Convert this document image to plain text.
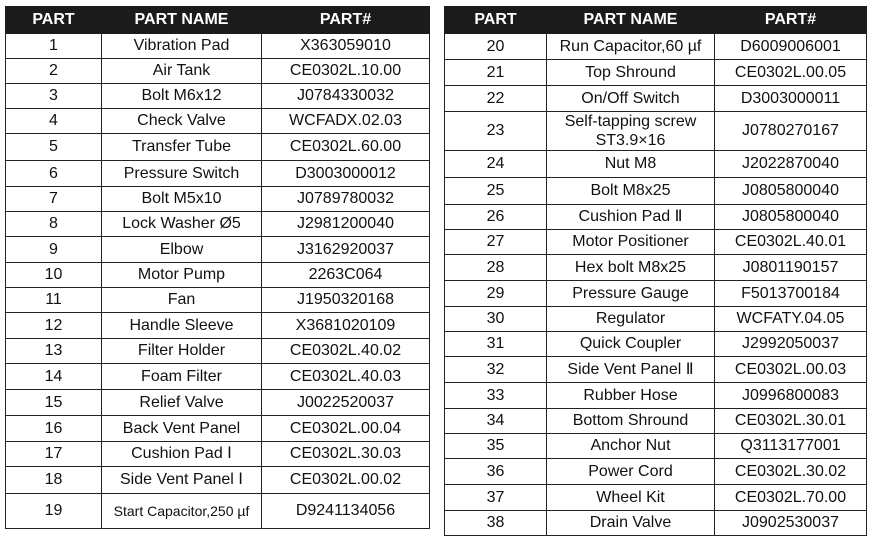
PART	PART NAME	PART#
1	Vibration Pad	X363059010
2	Air Tank	CE0302L.10.00
3	Bolt M6x12	J0784330032
4	Check Valve	WCFADX.02.03
5	Transfer Tube	CE0302L.60.00
6	Pressure Switch	D3003000012
7	Bolt M5x10	J0789780032
8	Lock Washer Ø5	J2981200040
9	Elbow	J3162920037
10	Motor Pump	2263C064
11	Fan	J1950320168
12	Handle Sleeve	X3681020109
13	Filter Holder	CE0302L.40.02
14	Foam Filter	CE0302L.40.03
15	Relief Valve	J0022520037
16	Back Vent Panel	CE0302L.00.04
17	Cushion Pad Ⅰ	CE0302L.30.03
18	Side Vent Panel Ⅰ	CE0302L.00.02
19	Start Capacitor,250 µf	D9241134056
PART	PART NAME	PART#
20	Run Capacitor,60 µf	D6009006001
21	Top Shround	CE0302L.00.05
22	On/Off Switch	D3003000011
23	Self-tapping screw ST3.9×16	J0780270167
24	Nut M8	J2022870040
25	Bolt M8x25	J0805800040
26	Cushion Pad Ⅱ	J0805800040
27	Motor Positioner	CE0302L.40.01
28	Hex bolt M8x25	J0801190157
29	Pressure Gauge	F5013700184
30	Regulator	WCFATY.04.05
31	Quick Coupler	J2992050037
32	Side Vent Panel Ⅱ	CE0302L.00.03
33	Rubber Hose	J0996800083
34	Bottom Shround	CE0302L.30.01
35	Anchor Nut	Q3113177001
36	Power Cord	CE0302L.30.02
37	Wheel Kit	CE0302L.70.00
38	Drain Valve	J0902530037
